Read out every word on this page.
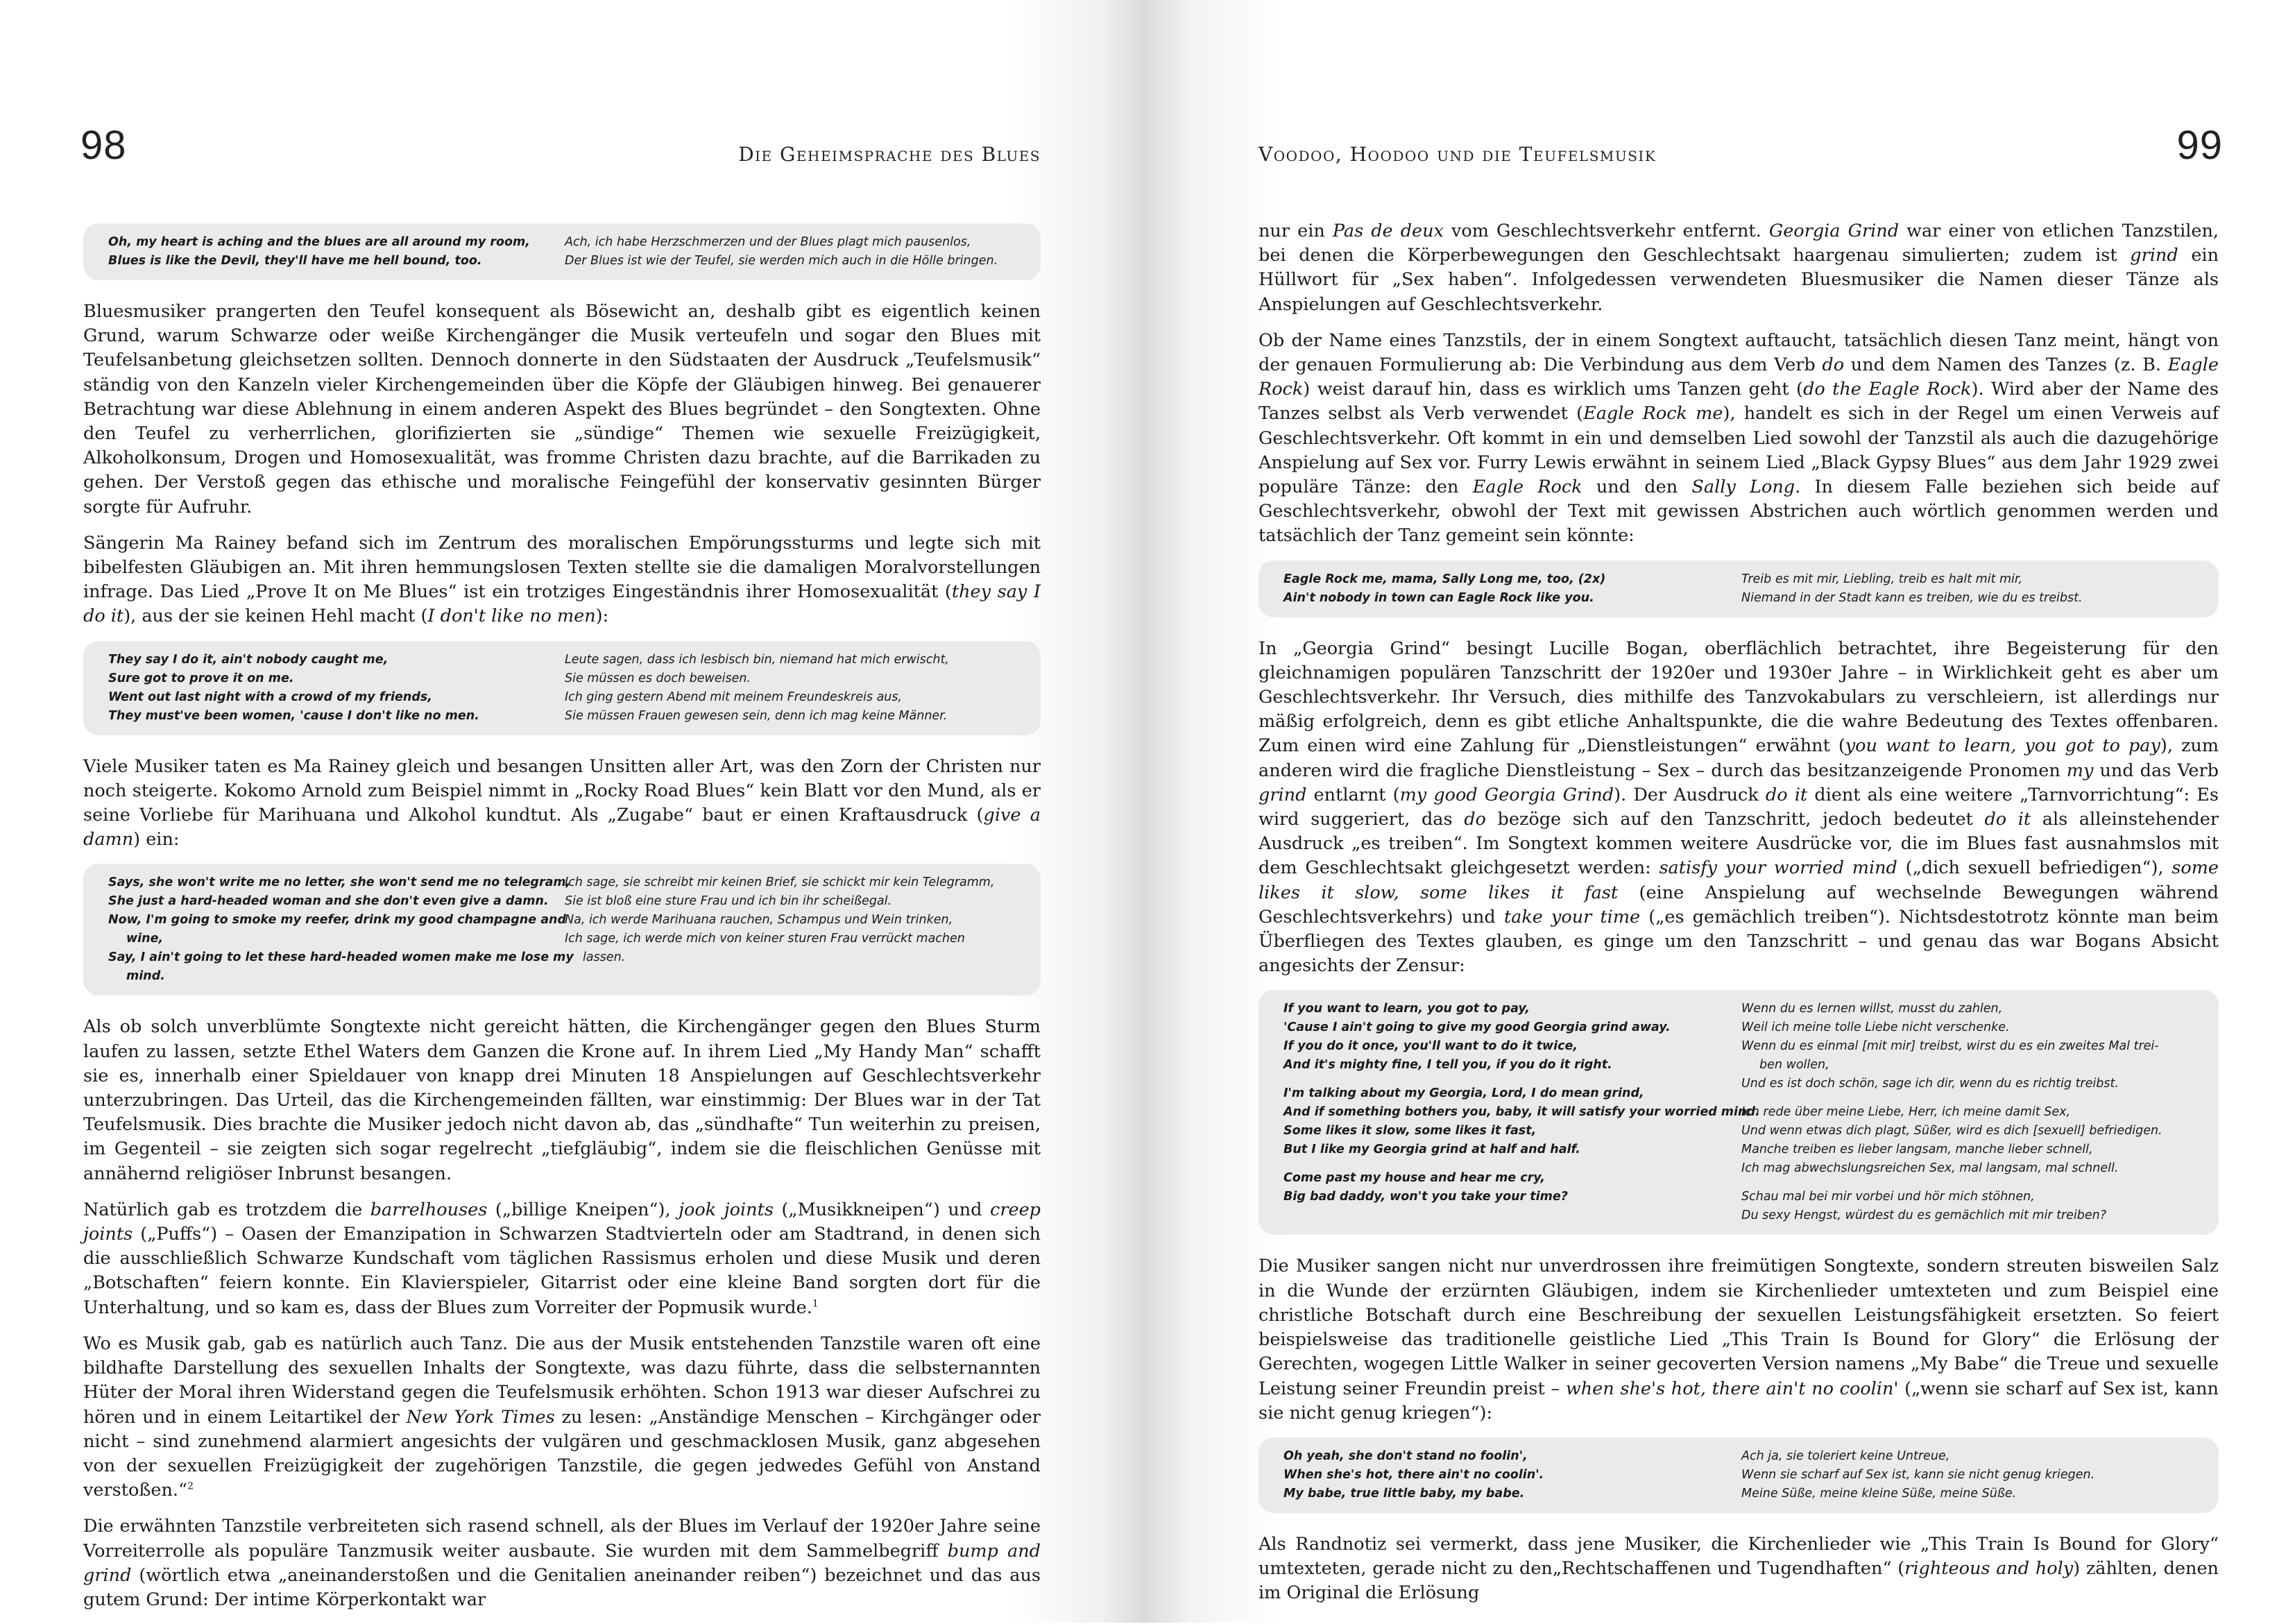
98	Die Geheimsprache des Blues
Oh, my heart is aching and the blues are all around my room,
Blues is like the Devil, they'll have me hell bound, too.
Ach, ich habe Herzschmerzen und der Blues plagt mich pausenlos,
Der Blues ist wie der Teufel, sie werden mich auch in die Hölle bringen.

Bluesmusiker prangerten den Teufel konsequent als Bösewicht an, deshalb gibt es eigentlich keinen Grund, warum Schwarze oder weiße Kirchengänger die Musik verteufeln und sogar den Blues mit Teufelsanbetung gleichsetzen sollten. Dennoch donnerte in den Südstaaten der Ausdruck „Teufelsmusik“ ständig von den Kanzeln vieler Kirchengemeinden über die Köpfe der Gläubigen hinweg. Bei genauerer Betrachtung war diese Ablehnung in einem anderen Aspekt des Blues begründet – den Songtexten. Ohne den Teufel zu verherrlichen, glorifizierten sie „sündige“ Themen wie sexuelle Freizügigkeit, Alkoholkonsum, Drogen und Homosexualität, was fromme Christen dazu brachte, auf die Barrikaden zu gehen. Der Verstoß gegen das ethische und moralische Feingefühl der konservativ gesinnten Bürger sorgte für Aufruhr.

Sängerin Ma Rainey befand sich im Zentrum des moralischen Empörungssturms und legte sich mit bibelfesten Gläubigen an. Mit ihren hemmungslosen Texten stellte sie die damaligen Moralvorstellungen infrage. Das Lied „Prove It on Me Blues“ ist ein trotziges Eingeständnis ihrer Homosexualität (they say I do it), aus der sie keinen Hehl macht (I don't like no men):

They say I do it, ain't nobody caught me,
Sure got to prove it on me.
Went out last night with a crowd of my friends,
They must've been women, 'cause I don't like no men.
Leute sagen, dass ich lesbisch bin, niemand hat mich erwischt,
Sie müssen es doch beweisen.
Ich ging gestern Abend mit meinem Freundeskreis aus,
Sie müssen Frauen gewesen sein, denn ich mag keine Männer.

Viele Musiker taten es Ma Rainey gleich und besangen Unsitten aller Art, was den Zorn der Christen nur noch steigerte. Kokomo Arnold zum Beispiel nimmt in „Rocky Road Blues“ kein Blatt vor den Mund, als er seine Vorliebe für Marihuana und Alkohol kundtut. Als „Zugabe“ baut er einen Kraftausdruck (give a damn) ein:

Says, she won't write me no letter, she won't send me no telegram,
She just a hard-headed woman and she don't even give a damn.
Now, I'm going to smoke my reefer, drink my good champagne and
wine,
Say, I ain't going to let these hard-headed women make me lose my
mind.
Ich sage, sie schreibt mir keinen Brief, sie schickt mir kein Telegramm,
Sie ist bloß eine sture Frau und ich bin ihr scheißegal.
Na, ich werde Marihuana rauchen, Schampus und Wein trinken,
Ich sage, ich werde mich von keiner sturen Frau verrückt machen
lassen.

Als ob solch unverblümte Songtexte nicht gereicht hätten, die Kirchengänger gegen den Blues Sturm laufen zu lassen, setzte Ethel Waters dem Ganzen die Krone auf. In ihrem Lied „My Handy Man“ schafft sie es, innerhalb einer Spieldauer von knapp drei Minuten 18 Anspielungen auf Geschlechtsverkehr unterzubringen. Das Urteil, das die Kirchengemeinden fällten, war einstimmig: Der Blues war in der Tat Teufelsmusik. Dies brachte die Musiker jedoch nicht davon ab, das „sündhafte“ Tun weiterhin zu preisen, im Gegenteil – sie zeigten sich sogar regelrecht „tiefgläubig“, indem sie die fleischlichen Genüsse mit annähernd religiöser Inbrunst besangen.

Natürlich gab es trotzdem die barrelhouses („billige Kneipen“), jook joints („Musikkneipen“) und creep joints („Puffs“) – Oasen der Emanzipation in Schwarzen Stadtvierteln oder am Stadtrand, in denen sich die ausschließlich Schwarze Kundschaft vom täglichen Rassismus erholen und diese Musik und deren „Botschaften“ feiern konnte. Ein Klavierspieler, Gitarrist oder eine kleine Band sorgten dort für die Unterhaltung, und so kam es, dass der Blues zum Vorreiter der Popmusik wurde.$^1$

Wo es Musik gab, gab es natürlich auch Tanz. Die aus der Musik entstehenden Tanzstile waren oft eine bildhafte Darstellung des sexuellen Inhalts der Songtexte, was dazu führte, dass die selbsternannten Hüter der Moral ihren Widerstand gegen die Teufelsmusik erhöhten. Schon 1913 war dieser Aufschrei zu hören und in einem Leitartikel der New York Times zu lesen: „Anständige Menschen – Kirchgänger oder nicht – sind zunehmend alarmiert angesichts der vulgären und geschmacklosen Musik, ganz abgesehen von der sexuellen Freizügigkeit der zugehörigen Tanzstile, die gegen jedwedes Gefühl von Anstand verstoßen.“$^2$

Die erwähnten Tanzstile verbreiteten sich rasend schnell, als der Blues im Verlauf der 1920er Jahre seine Vorreiterrolle als populäre Tanzmusik weiter ausbaute. Sie wurden mit dem Sammelbegriff bump and grind (wörtlich etwa „aneinanderstoßen und die Genitalien aneinander reiben“) bezeichnet und das aus gutem Grund: Der intime Körperkontakt war

99
Voodoo, Hoodoo und die Teufelsmusik

nur ein Pas de deux vom Geschlechtsverkehr entfernt. Georgia Grind war einer von etlichen Tanzstilen, bei denen die Körperbewegungen den Geschlechtsakt haargenau simulierten; zudem ist grind ein Hüllwort für „Sex haben“. Infolgedessen verwendeten Bluesmusiker die Namen dieser Tänze als Anspielungen auf Geschlechtsverkehr.

Ob der Name eines Tanzstils, der in einem Songtext auftaucht, tatsächlich diesen Tanz meint, hängt von der genauen Formulierung ab: Die Verbindung aus dem Verb do und dem Namen des Tanzes (z. B. Eagle Rock) weist darauf hin, dass es wirklich ums Tanzen geht (do the Eagle Rock). Wird aber der Name des Tanzes selbst als Verb verwendet (Eagle Rock me), handelt es sich in der Regel um einen Verweis auf Geschlechtsverkehr. Oft kommt in ein und demselben Lied sowohl der Tanzstil als auch die dazugehörige Anspielung auf Sex vor. Furry Lewis erwähnt in seinem Lied „Black Gypsy Blues“ aus dem Jahr 1929 zwei populäre Tänze: den Eagle Rock und den Sally Long. In diesem Falle beziehen sich beide auf Geschlechtsverkehr, obwohl der Text mit gewissen Abstrichen auch wörtlich genommen werden und tatsächlich der Tanz gemeint sein könnte:

Eagle Rock me, mama, Sally Long me, too, (2x)
Ain't nobody in town can Eagle Rock like you.
Treib es mit mir, Liebling, treib es halt mit mir,
Niemand in der Stadt kann es treiben, wie du es treibst.

In „Georgia Grind“ besingt Lucille Bogan, oberflächlich betrachtet, ihre Begeisterung für den gleichnamigen populären Tanzschritt der 1920er und 1930er Jahre – in Wirklichkeit geht es aber um Geschlechtsverkehr. Ihr Versuch, dies mithilfe des Tanzvokabulars zu verschleiern, ist allerdings nur mäßig erfolgreich, denn es gibt etliche Anhaltspunkte, die die wahre Bedeutung des Textes offenbaren. Zum einen wird eine Zahlung für „Dienstleistungen“ erwähnt (you want to learn, you got to pay), zum anderen wird die fragliche Dienstleistung – Sex – durch das besitzanzeigende Pronomen my und das Verb grind entlarnt (my good Georgia Grind). Der Ausdruck do it dient als eine weitere „Tarnvorrichtung“: Es wird suggeriert, das do bezöge sich auf den Tanzschritt, jedoch bedeutet do it als alleinstehender Ausdruck „es treiben“. Im Songtext kommen weitere Ausdrücke vor, die im Blues fast ausnahmslos mit dem Geschlechtsakt gleichgesetzt werden: satisfy your worried mind („dich sexuell befriedigen“), some likes it slow, some likes it fast (eine Anspielung auf wechselnde Bewegungen während Geschlechtsverkehrs) und take your time („es gemächlich treiben“). Nichtsdestotrotz könnte man beim Überfliegen des Textes glauben, es ginge um den Tanzschritt – und genau das war Bogans Absicht angesichts der Zensur:

If you want to learn, you got to pay,
'Cause I ain't going to give my good Georgia grind away.
If you do it once, you'll want to do it twice,
And it's mighty fine, I tell you, if you do it right.
I'm talking about my Georgia, Lord, I do mean grind,
And if something bothers you, baby, it will satisfy your worried mind.
Some likes it slow, some likes it fast,
But I like my Georgia grind at half and half.
Come past my house and hear me cry,
Big bad daddy, won't you take your time?
Wenn du es lernen willst, musst du zahlen,
Weil ich meine tolle Liebe nicht verschenke.
Wenn du es einmal [mit mir] treibst, wirst du es ein zweites Mal trei-
ben wollen,
Und es ist doch schön, sage ich dir, wenn du es richtig treibst.
Ich rede über meine Liebe, Herr, ich meine damit Sex,
Und wenn etwas dich plagt, Süßer, wird es dich [sexuell] befriedigen.
Manche treiben es lieber langsam, manche lieber schnell,
Ich mag abwechslungsreichen Sex, mal langsam, mal schnell.
Schau mal bei mir vorbei und hör mich stöhnen,
Du sexy Hengst, würdest du es gemächlich mit mir treiben?

Die Musiker sangen nicht nur unverdrossen ihre freimütigen Songtexte, sondern streuten bisweilen Salz in die Wunde der erzürnten Gläubigen, indem sie Kirchenlieder umtexteten und zum Beispiel eine christliche Botschaft durch eine Beschreibung der sexuellen Leistungsfähigkeit ersetzten. So feiert beispielsweise das traditionelle geistliche Lied „This Train Is Bound for Glory“ die Erlösung der Gerechten, wogegen Little Walker in seiner gecoverten Version namens „My Babe“ die Treue und sexuelle Leistung seiner Freundin preist – when she's hot, there ain't no coolin' („wenn sie scharf auf Sex ist, kann sie nicht genug kriegen“):

Oh yeah, she don't stand no foolin',
When she's hot, there ain't no coolin'.
My babe, true little baby, my babe.
Ach ja, sie toleriert keine Untreue,
Wenn sie scharf auf Sex ist, kann sie nicht genug kriegen.
Meine Süße, meine kleine Süße, meine Süße.

Als Randnotiz sei vermerkt, dass jene Musiker, die Kirchenlieder wie „This Train Is Bound for Glory“ umtexteten, gerade nicht zu den„Rechtschaffenen und Tugendhaften“ (righteous and holy) zählten, denen im Original die Erlösung
